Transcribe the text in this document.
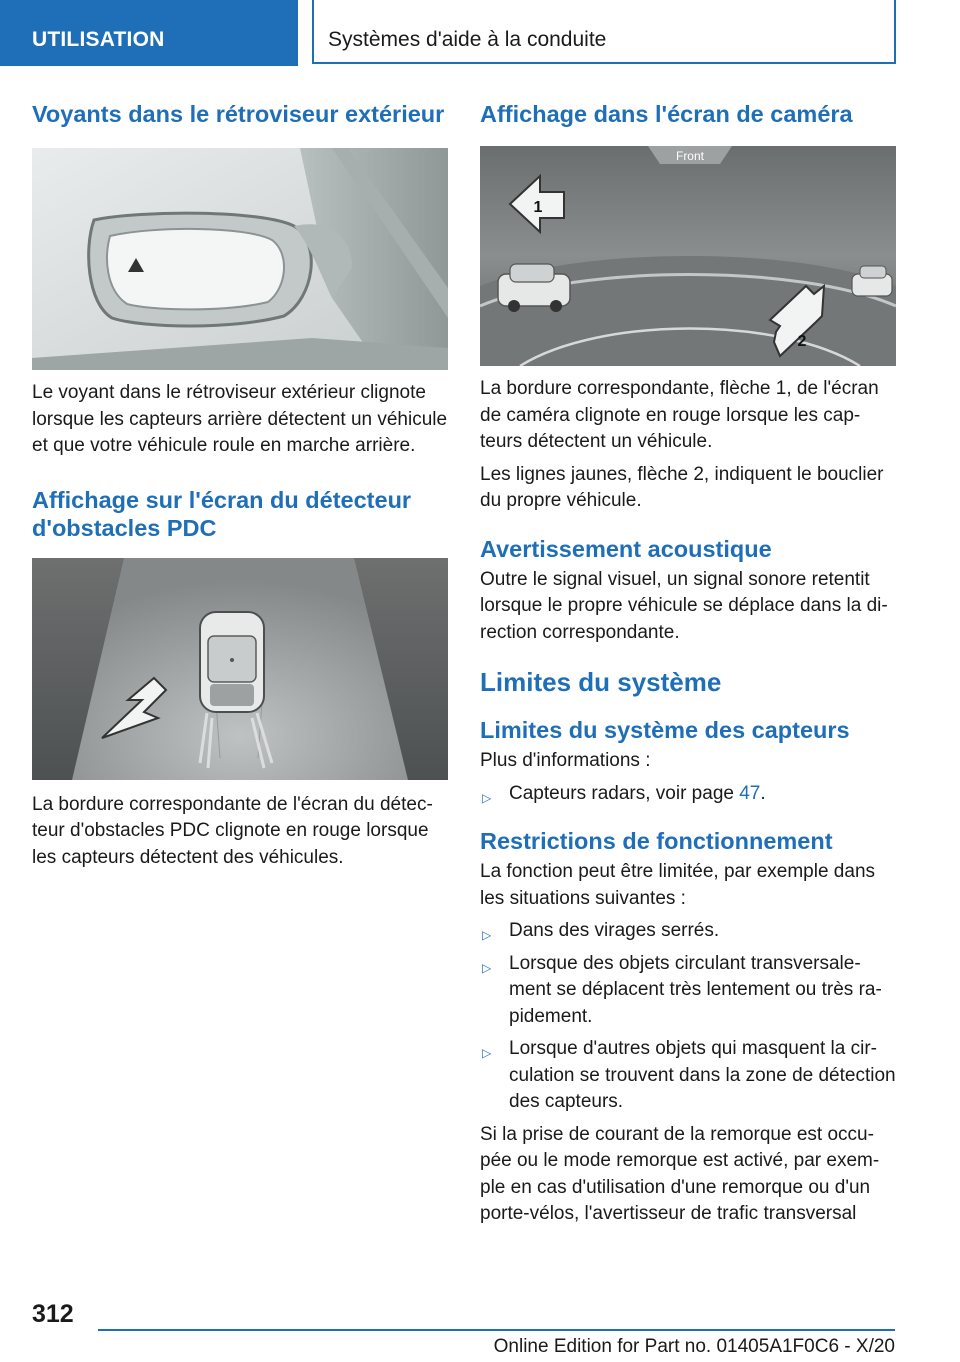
UTILISATION	Systèmes d'aide à la conduite
Voyants dans le rétroviseur extérieur

Le voyant dans le rétroviseur extérieur clignote lorsque les capteurs arrière détectent un véhicule et que votre véhicule roule en marche arrière.

Affichage sur l'écran du détecteur d'obstacles PDC

La bordure correspondante de l'écran du détecteur d'obstacles PDC clignote en rouge lorsque les capteurs détectent des véhicules.

Affichage dans l'écran de caméra
Front
1
2

La bordure correspondante, flèche 1, de l'écran de caméra clignote en rouge lorsque les capteurs détectent un véhicule.

Les lignes jaunes, flèche 2, indiquent le bouclier du propre véhicule.

Avertissement acoustique

Outre le signal visuel, un signal sonore retentit lorsque le propre véhicule se déplace dans la direction correspondante.

Limites du système
Limites du système des capteurs

Plus d'informations :

▷ Capteurs radars, voir page 47.
Restrictions de fonctionnement

La fonction peut être limitée, par exemple dans les situations suivantes :

▷ Dans des virages serrés.
▷ Lorsque des objets circulant transversalement se déplacent très lentement ou très rapidement.
▷ Lorsque d'autres objets qui masquent la circulation se trouvent dans la zone de détection des capteurs.

Si la prise de courant de la remorque est occupée ou le mode remorque est activé, par exemple en cas d'utilisation d'une remorque ou d'un porte-vélos, l'avertisseur de trafic transversal

312
Online Edition for Part no. 01405A1F0C6 - X/20
